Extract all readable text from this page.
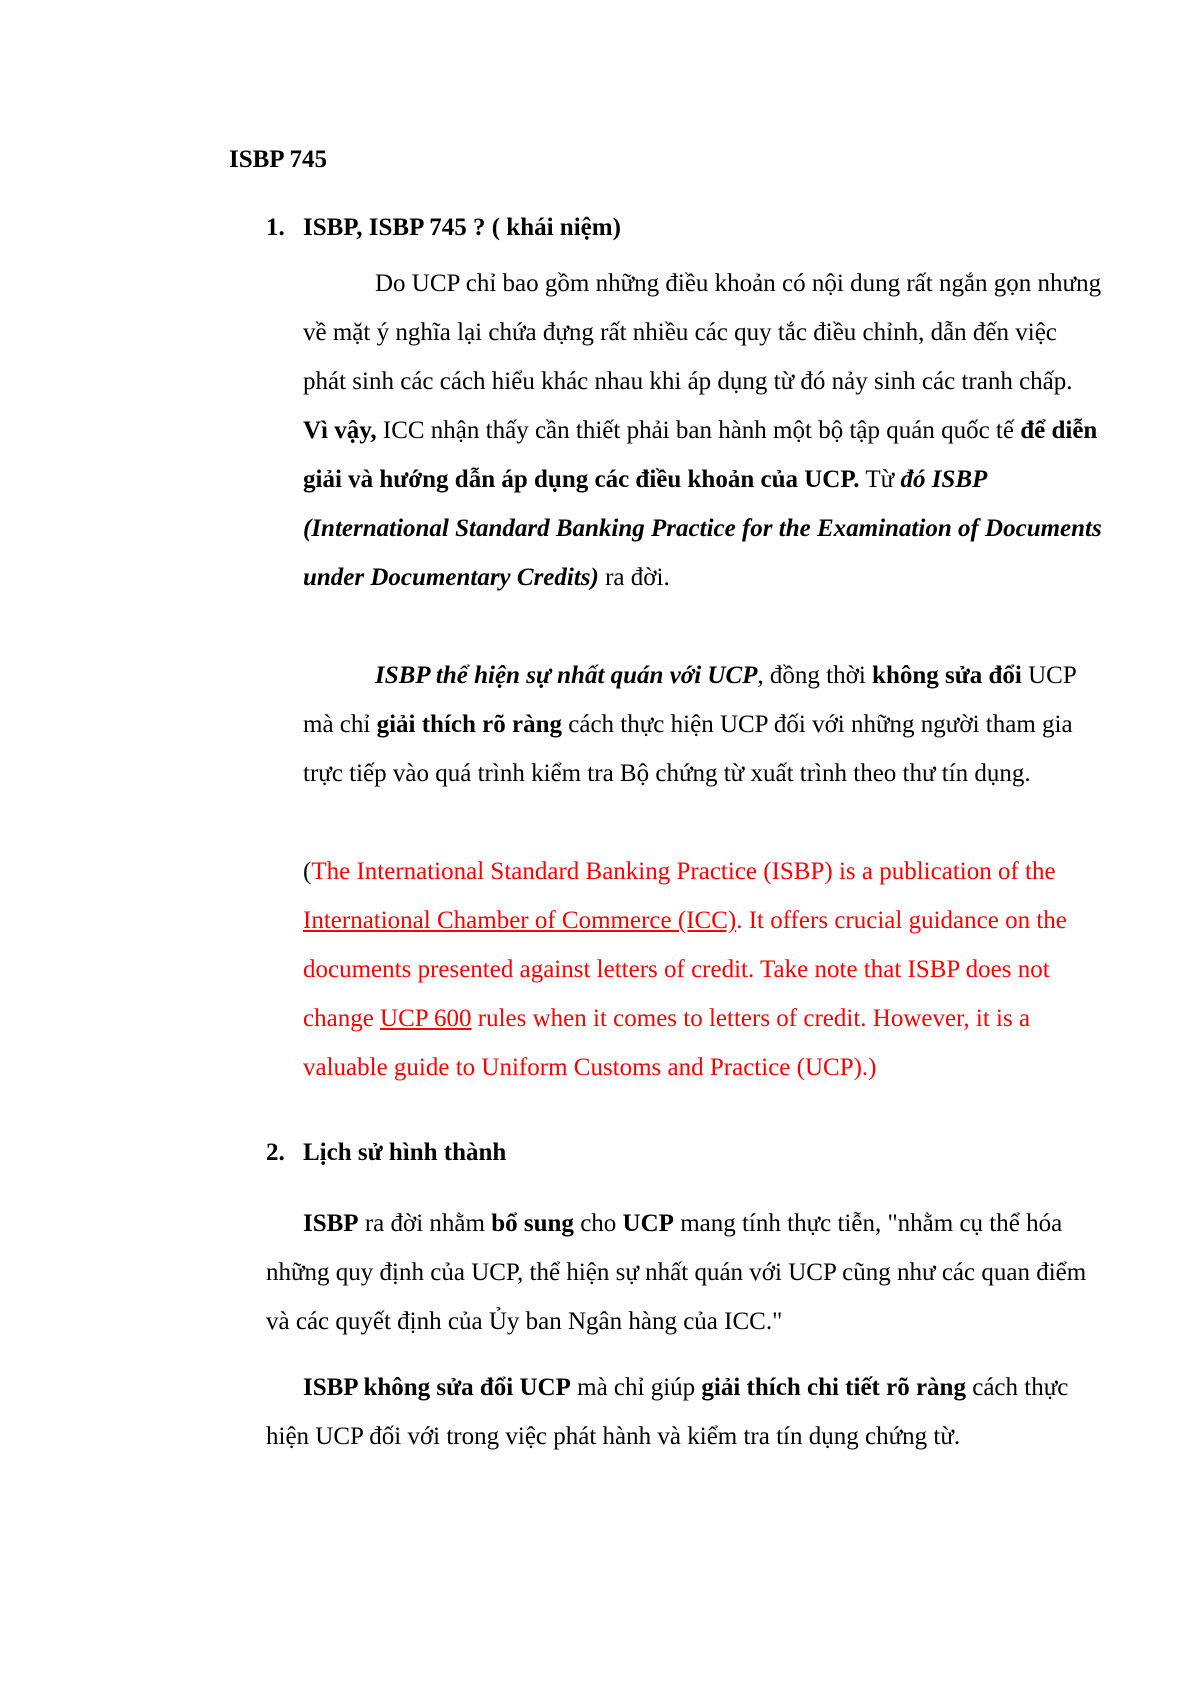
ISBP 745
1. ISBP, ISBP 745 ? ( khái niệm)

Do UCP chỉ bao gồm những điều khoản có nội dung rất ngắn gọn nhưng về mặt ý nghĩa lại chứa đựng rất nhiều các quy tắc điều chỉnh, dẫn đến việc phát sinh các cách hiểu khác nhau khi áp dụng từ đó nảy sinh các tranh chấp. Vì vậy, ICC nhận thấy cần thiết phải ban hành một bộ tập quán quốc tế để diễn giải và hướng dẫn áp dụng các điều khoản của UCP. Từ đó ISBP (International Standard Banking Practice for the Examination of Documents under Documentary Credits) ra đời.

ISBP thể hiện sự nhất quán với UCP, đồng thời không sửa đổi UCP mà chỉ giải thích rõ ràng cách thực hiện UCP đối với những người tham gia trực tiếp vào quá trình kiểm tra Bộ chứng từ xuất trình theo thư tín dụng.

(The International Standard Banking Practice (ISBP) is a publication of the International Chamber of Commerce (ICC). It offers crucial guidance on the documents presented against letters of credit. Take note that ISBP does not change UCP 600 rules when it comes to letters of credit. However, it is a valuable guide to Uniform Customs and Practice (UCP).)

2. Lịch sử hình thành

ISBP ra đời nhằm bổ sung cho UCP mang tính thực tiễn, "nhằm cụ thể hóa những quy định của UCP, thể hiện sự nhất quán với UCP cũng như các quan điểm và các quyết định của Ủy ban Ngân hàng của ICC."

ISBP không sửa đổi UCP mà chỉ giúp giải thích chi tiết rõ ràng cách thực hiện UCP đối với trong việc phát hành và kiểm tra tín dụng chứng từ.
